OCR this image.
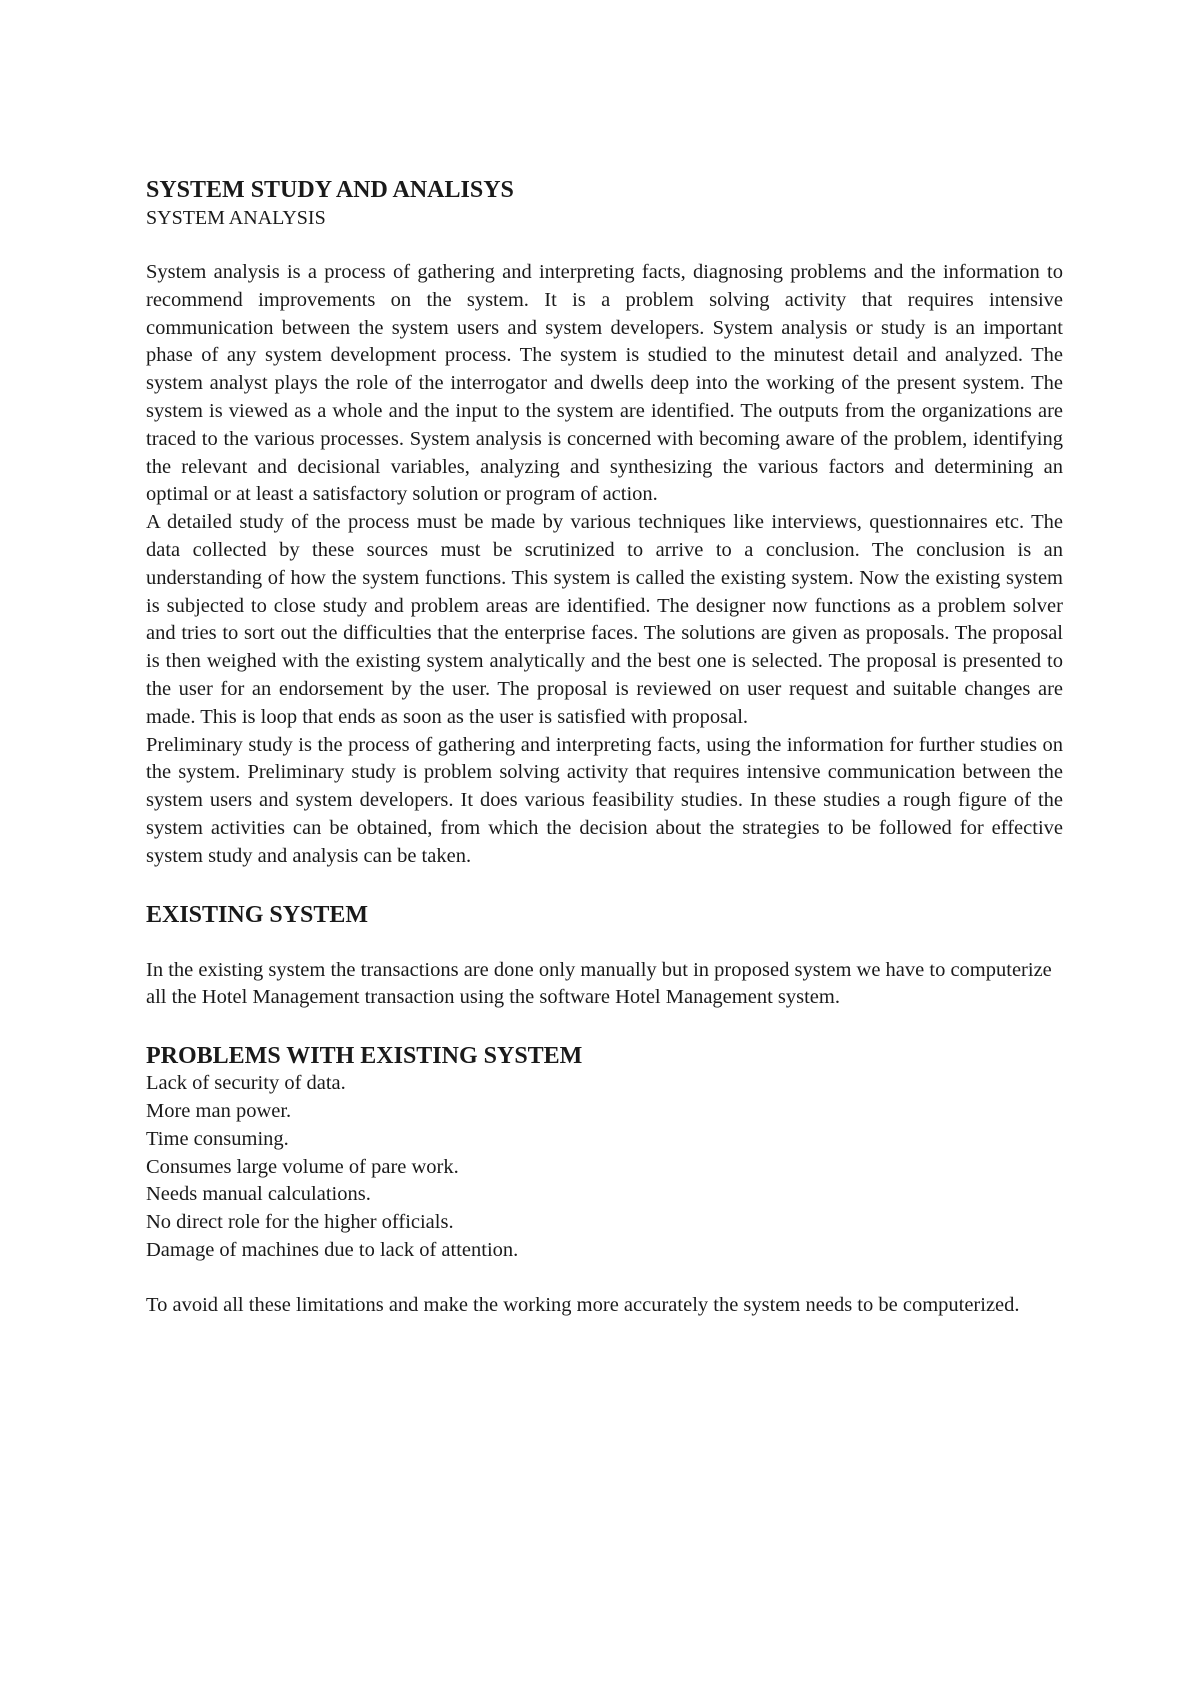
SYSTEM STUDY AND ANALISYS
SYSTEM ANALYSIS

System analysis is a process of gathering and interpreting facts, diagnosing problems and the information to recommend improvements on the system. It is a problem solving activity that requires intensive communication between the system users and system developers. System analysis or study is an important phase of any system development process. The system is studied to the minutest detail and analyzed. The system analyst plays the role of the interrogator and dwells deep into the working of the present system. The system is viewed as a whole and the input to the system are identified. The outputs from the organizations are traced to the various processes. System analysis is concerned with becoming aware of the problem, identifying the relevant and decisional variables, analyzing and synthesizing the various factors and determining an optimal or at least a satisfactory solution or program of action.

A detailed study of the process must be made by various techniques like interviews, questionnaires etc. The data collected by these sources must be scrutinized to arrive to a conclusion. The conclusion is an understanding of how the system functions. This system is called the existing system. Now the existing system is subjected to close study and problem areas are identified. The designer now functions as a problem solver and tries to sort out the difficulties that the enterprise faces. The solutions are given as proposals. The proposal is then weighed with the existing system analytically and the best one is selected. The proposal is presented to the user for an endorsement by the user. The proposal is reviewed on user request and suitable changes are made. This is loop that ends as soon as the user is satisfied with proposal.

Preliminary study is the process of gathering and interpreting facts, using the information for further studies on the system. Preliminary study is problem solving activity that requires intensive communication between the system users and system developers. It does various feasibility studies. In these studies a rough figure of the system activities can be obtained, from which the decision about the strategies to be followed for effective system study and analysis can be taken.

EXISTING SYSTEM

In the existing system the transactions are done only manually but in proposed system we have to computerize all the Hotel Management transaction using the software Hotel Management system.

PROBLEMS WITH EXISTING SYSTEM
Lack of security of data.
More man power.
Time consuming.
Consumes large volume of pare work.
Needs manual calculations.
No direct role for the higher officials.
Damage of machines due to lack of attention.

To avoid all these limitations and make the working more accurately the system needs to be computerized.
